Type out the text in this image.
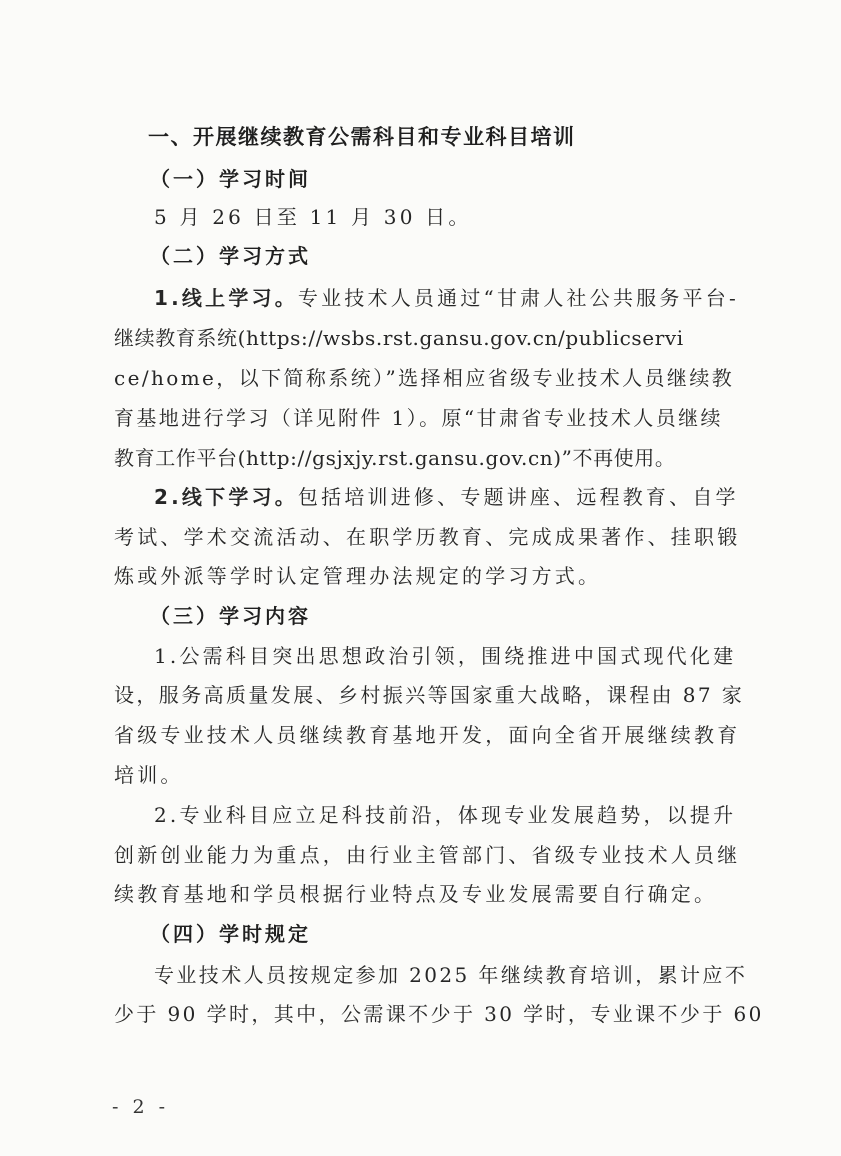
一、开展继续教育公需科目和专业科目培训
（一）学习时间
5 月 26 日至 11 月 30 日。
（二）学习方式
1.线上学习。专业技术人员通过“甘肃人社公共服务平台-
继续教育系统(https://wsbs.rst.gansu.gov.cn/publicservi
ce/home，以下简称系统）”选择相应省级专业技术人员继续教
育基地进行学习（详见附件 1）。原“甘肃省专业技术人员继续
教育工作平台(http://gsjxjy.rst.gansu.gov.cn)”不再使用。
2.线下学习。包括培训进修、专题讲座、远程教育、自学
考试、学术交流活动、在职学历教育、完成成果著作、挂职锻
炼或外派等学时认定管理办法规定的学习方式。
（三）学习内容
1.公需科目突出思想政治引领，围绕推进中国式现代化建
设，服务高质量发展、乡村振兴等国家重大战略，课程由 87 家
省级专业技术人员继续教育基地开发，面向全省开展继续教育
培训。
2.专业科目应立足科技前沿，体现专业发展趋势，以提升
创新创业能力为重点，由行业主管部门、省级专业技术人员继
续教育基地和学员根据行业特点及专业发展需要自行确定。
（四）学时规定
专业技术人员按规定参加 2025 年继续教育培训，累计应不
少于 90 学时，其中，公需课不少于 30 学时，专业课不少于 60
- 2 -
